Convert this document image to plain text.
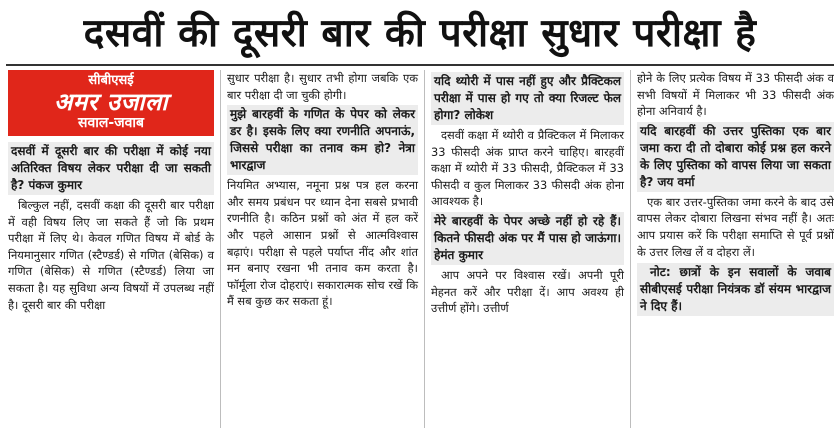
दसवीं की दूसरी बार की परीक्षा सुधार परीक्षा है
सीबीएसई
अमर उजाला
सवाल-जवाब

दसवीं में दूसरी बार की परीक्षा में कोई नया अतिरिक्त विषय लेकर परीक्षा दी जा सकती है? पंकज कुमार

बिल्कुल नहीं, दसवीं कक्षा की दूसरी बार परीक्षा में वही विषय लिए जा सकते हैं जो कि प्रथम परीक्षा में लिए थे। केवल गणित विषय में बोर्ड के नियमानुसार गणित (स्टैण्डर्ड) से गणित (बेसिक) व गणित (बेसिक) से गणित (स्टैण्डर्ड) लिया जा सकता है। यह सुविधा अन्य विषयों में उपलब्ध नहीं है। दूसरी बार की परीक्षा

सुधार परीक्षा है। सुधार तभी होगा जबकि एक बार परीक्षा दी जा चुकी होगी।

मुझे बारहवीं के गणित के पेपर को लेकर डर है। इसके लिए क्या रणनीति अपनाऊं, जिससे परीक्षा का तनाव कम हो? नेत्रा भारद्वाज

नियमित अभ्यास, नमूना प्रश्न पत्र हल करना और समय प्रबंधन पर ध्यान देना सबसे प्रभावी रणनीति है। कठिन प्रश्नों को अंत में हल करें और पहले आसान प्रश्नों से आत्मविश्वास बढ़ाएं। परीक्षा से पहले पर्याप्त नींद और शांत मन बनाए रखना भी तनाव कम करता है। फॉर्मूला रोज दोहराएं। सकारात्मक सोच रखें कि मैं सब कुछ कर सकता हूं।

यदि थ्योरी में पास नहीं हुए और प्रैक्टिकल परीक्षा में पास हो गए तो क्या रिजल्ट फेल होगा? लोकेश

दसवीं कक्षा में थ्योरी व प्रैक्टिकल में मिलाकर 33 फीसदी अंक प्राप्त करने चाहिए। बारहवीं कक्षा में थ्योरी में 33 फीसदी, प्रैक्टिकल में 33 फीसदी व कुल मिलाकर 33 फीसदी अंक होना आवश्यक है।

मेरे बारहवीं के पेपर अच्छे नहीं हो रहे हैं। कितने फीसदी अंक पर मैं पास हो जाऊंगा। हेमंत कुमार

आप अपने पर विश्वास रखें। अपनी पूरी मेहनत करें और परीक्षा दें। आप अवश्य ही उत्तीर्ण होंगे। उत्तीर्ण

होने के लिए प्रत्येक विषय में 33 फीसदी अंक व सभी विषयों में मिलाकर भी 33 फीसदी अंक होना अनिवार्य है।

यदि बारहवीं की उत्तर पुस्तिका एक बार जमा करा दी तो दोबारा कोई प्रश्न हल करने के लिए पुस्तिका को वापस लिया जा सकता है? जय वर्मा

एक बार उत्तर-पुस्तिका जमा करने के बाद उसे वापस लेकर दोबारा लिखना संभव नहीं है। अतः आप प्रयास करें कि परीक्षा समाप्ति से पूर्व प्रश्नों के उत्तर लिख लें व दोहरा लें।

नोट: छात्रों के इन सवालों के जवाब सीबीएसई परीक्षा नियंत्रक डॉ संयम भारद्वाज ने दिए हैं।
